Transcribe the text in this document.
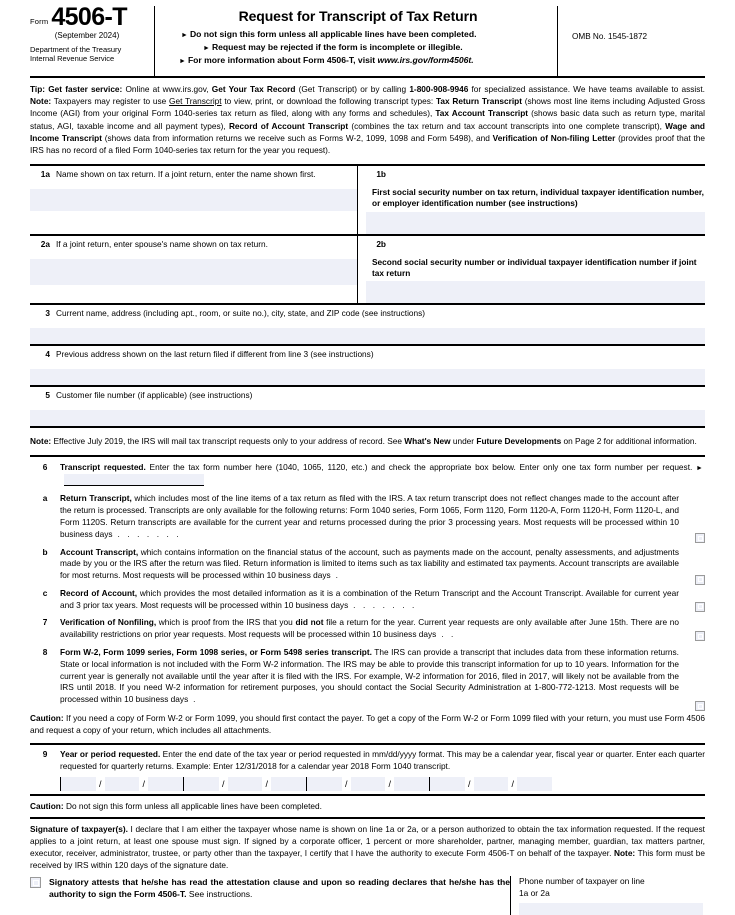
Form 4506-T
(September 2024)
Department of the Treasury
Internal Revenue Service
Request for Transcript of Tax Return
► Do not sign this form unless all applicable lines have been completed.
► Request may be rejected if the form is incomplete or illegible.
► For more information about Form 4506-T, visit www.irs.gov/form4506t.
OMB No. 1545-1872
Tip: Get faster service: Online at www.irs.gov, Get Your Tax Record (Get Transcript) or by calling 1-800-908-9946 for specialized assistance. We have teams available to assist. Note: Taxpayers may register to use Get Transcript to view, print, or download the following transcript types: Tax Return Transcript (shows most line items including Adjusted Gross Income (AGI) from your original Form 1040-series tax return as filed, along with any forms and schedules), Tax Account Transcript (shows basic data such as return type, marital status, AGI, taxable income and all payment types), Record of Account Transcript (combines the tax return and tax account transcripts into one complete transcript), Wage and Income Transcript (shows data from information returns we receive such as Forms W-2, 1099, 1098 and Form 5498), and Verification of Non-filing Letter (provides proof that the IRS has no record of a filed Form 1040-series tax return for the year you request).
1a Name shown on tax return. If a joint return, enter the name shown first.	1bFirst social security number on tax return, individual taxpayer identification number, or employer identification number (see instructions)
2a If a joint return, enter spouse's name shown on tax return.	2bSecond social security number or individual taxpayer identification number if joint tax return
3 Current name, address (including apt., room, or suite no.), city, state, and ZIP code (see instructions)
4 Previous address shown on the last return filed if different from line 3 (see instructions)
5 Customer file number (if applicable) (see instructions)
Note: Effective July 2019, the IRS will mail tax transcript requests only to your address of record. See What's New under Future Developments on Page 2 for additional information.
6	Transcript requested. Enter the tax form number here (1040, 1065, 1120, etc.) and check the appropriate box below. Enter only one tax form number per request. ►
a	Return Transcript, which includes most of the line items of a tax return as filed with the IRS. A tax return transcript does not reflect changes made to the account after the return is processed. Transcripts are only available for the following returns: Form 1040 series, Form 1065, Form 1120, Form 1120-A, Form 1120-H, Form 1120-L, and Form 1120S. Return transcripts are available for the current year and returns processed during the prior 3 processing years. Most requests will be processed within 10 business days . . . . . . .
b	Account Transcript, which contains information on the financial status of the account, such as payments made on the account, penalty assessments, and adjustments made by you or the IRS after the return was filed. Return information is limited to items such as tax liability and estimated tax payments. Account transcripts are available for most returns. Most requests will be processed within 10 business days .
c	Record of Account, which provides the most detailed information as it is a combination of the Return Transcript and the Account Transcript. Available for current year and 3 prior tax years. Most requests will be processed within 10 business days . . . . . . .
7	Verification of Nonfiling, which is proof from the IRS that you did not file a return for the year. Current year requests are only available after June 15th. There are no availability restrictions on prior year requests. Most requests will be processed within 10 business days . .
8	Form W-2, Form 1099 series, Form 1098 series, or Form 5498 series transcript. The IRS can provide a transcript that includes data from these information returns. State or local information is not included with the Form W-2 information. The IRS may be able to provide this transcript information for up to 10 years. Information for the current year is generally not available until the year after it is filed with the IRS. For example, W-2 information for 2016, filed in 2017, will likely not be available from the IRS until 2018. If you need W-2 information for retirement purposes, you should contact the Social Security Administration at 1-800-772-1213. Most requests will be processed within 10 business days .
Caution: If you need a copy of Form W-2 or Form 1099, you should first contact the payer. To get a copy of the Form W-2 or Form 1099 filed with your return, you must use Form 4506 and request a copy of your return, which includes all attachments.
9	Year or period requested. Enter the end date of the tax year or period requested in mm/dd/yyyy format. This may be a calendar year, fiscal year or quarter. Enter each quarter requested for quarterly returns. Example: Enter 12/31/2018 for a calendar year 2018 Form 1040 transcript.
/	/	/	/	/	/	/	/
Caution: Do not sign this form unless all applicable lines have been completed.
Signature of taxpayer(s). I declare that I am either the taxpayer whose name is shown on line 1a or 2a, or a person authorized to obtain the tax information requested. If the request applies to a joint return, at least one spouse must sign. If signed by a corporate officer, 1 percent or more shareholder, partner, managing member, guardian, tax matters partner, executor, receiver, administrator, trustee, or party other than the taxpayer, I certify that I have the authority to execute Form 4506-T on behalf of the taxpayer. Note: This form must be received by IRS within 120 days of the signature date.
Signatory attests that he/she has read the attestation clause and upon so reading declares that he/she has the authority to sign the Form 4506-T. See instructions.
Phone number of taxpayer on line
1a or 2a
